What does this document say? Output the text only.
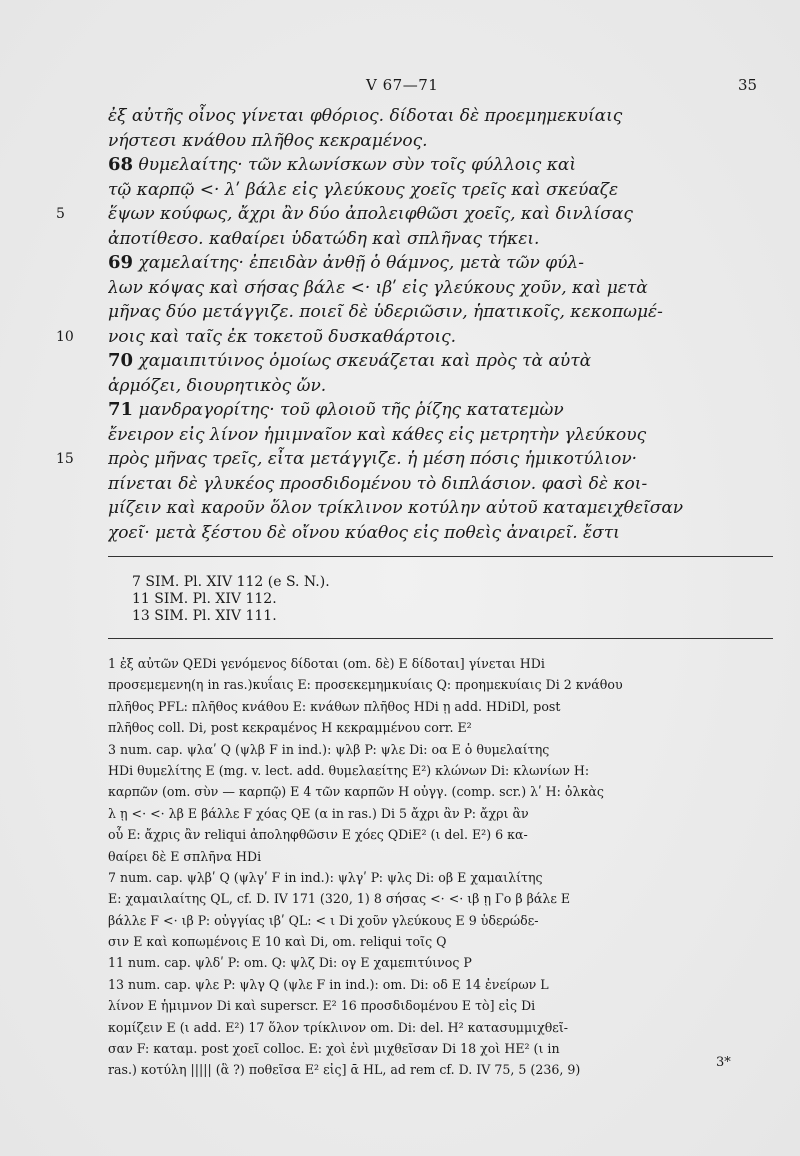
V 67—71	35
ἐξ αὐτῆς οἶνος γίνεται φθόριος. δίδοται δὲ προεμημεκυίαις
νήστεσι κνάθου πλῆθος κεκραμένος.
68 θυμελαίτης· τῶν κλωνίσκων σὺν τοῖς φύλλοις καὶ
τῷ καρπῷ <· λʹ βάλε εἰς γλεύκους χοεῖς τρεῖς καὶ σκεύαζε
5	ἕψων κούφως, ἄχρι ἂν δύο ἀπολειφθῶσι χοεῖς, καὶ δινλίσας
ἀποτίθεσο. καθαίρει ὑδατώδη καὶ σπλῆνας τήκει.
69 χαμελαίτης· ἐπειδὰν ἀνθῇ ὁ θάμνος, μετὰ τῶν φύλ-
λων κόψας καὶ σήσας βάλε <· ιβʹ εἰς γλεύκους χοῦν, καὶ μετὰ
μῆνας δύο μετάγγιζε. ποιεῖ δὲ ὑδεριῶσιν, ἡπατικοῖς, κεκοπωμέ-
10 νοις καὶ ταῖς ἐκ τοκετοῦ δυσκαθάρτοις.
70 χαμαιπιτύινος ὁμοίως σκευάζεται καὶ πρὸς τὰ αὐτὰ
ἁρμόζει, διουρητικὸς ὤν.
71 μανδραγορίτης· τοῦ φλοιοῦ τῆς ῥίζης κατατεμὼν
ἔνειρον εἰς λίνον ἡμιμναῖον καὶ κάθες εἰς μετρητὴν γλεύκους
15 πρὸς μῆνας τρεῖς, εἶτα μετάγγιζε. ἡ μέση πόσις ἡμικοτύλιον·
πίνεται δὲ γλυκέος προσδιδομένου τὸ διπλάσιον. φασὶ δὲ κοι-
μίζειν καὶ καροῦν ὅλον τρίκλινον κοτύλην αὐτοῦ καταμειχθεῖσαν
χοεῖ· μετὰ ξέστου δὲ οἴνου κύαθος εἰς ποθεὶς ἀναιρεῖ. ἔστι
7 SIM. Pl. XIV 112 (e S. N.).
11 SIM. Pl. XIV 112.
13 SIM. Pl. XIV 111.
1 ἐξ αὐτῶν QEDi γενόμενος δίδοται (om. δὲ) E δίδοται] γίνεται HDi
προσεμεμενη(η in ras.)κυΐαις E: προσεκεμημκυίαις Q: προημεκυίαις Di 2 κνάθου
πλῆθος PFL: πλῆθος κνάθου E: κνάθων πλῆθος HDi ῃ add. HDiDl, post
πλῆθος coll. Di, post κεκραμένος H κεκραμμένου corr. E²
3 num. cap. ψλαʹ Q (ψλβ F in ind.): ψλβ P: ψλε Di: οα E ὁ θυμελαίτης
HDi θυμελίτης E (mg. v. lect. add. θυμελαείτης E²) κλώνων Di: κλωνίων H:
καρπῶν (om. σὺν — καρπῷ) E 4 τῶν καρπῶν H οὐγγ. (comp. scr.) λʹ H: ὀλκὰς
λ ῃ <· <· λβ E βάλλε F χόας QE (α in ras.) Di 5 ἄχρι ἂν P: ἄχρι ἂν
οὗ E: ἄχρις ἂν reliqui ἀποληφθῶσιν E χόες QDiE² (ι del. E²) 6 κα-
θαίρει δὲ E σπλῆνα HDi
7 num. cap. ψλβʹ Q (ψλγʹ F in ind.): ψλγʹ P: ψλς Di: οβ E χαμαιλίτης
E: χαμαιλαίτης QL, cf. D. IV 171 (320, 1) 8 σήσας <· <· ιβ ῃ Γο β βάλε E
βάλλε F <· ιβ P: οὐγγίας ιβʹ QL: < ι Di χοῦν γλεύκους E 9 ὑδερώδε-
σιν E καὶ κοπωμένοις E 10 καὶ Di, om. reliqui τοῖς Q
11 num. cap. ψλδʹ P: om. Q: ψλζ Di: ογ E χαμεπιτύινος P
13 num. cap. ψλε P: ψλγ Q (ψλε F in ind.): om. Di: οδ E 14 ἐνείρων L
λίνον E ἡμιμνον Di καὶ superscr. E² 16 προσδιδομένου E τὸ] εἰς Di
κομίζειν E (ι add. E²) 17 ὅλον τρίκλινον om. Di: del. H² κατασυμμιχθεῖ-
σαν F: καταμ. post χοεῖ colloc. E: χοὶ ἐνὶ μιχθεῖσαν Di 18 χοὶ HE² (ι in
ras.) κοτύλη ||||| (ἃ ?) ποθεῖσα E² εἰς] ᾱ HL, ad rem cf. D. IV 75, 5 (236, 9)	3*
